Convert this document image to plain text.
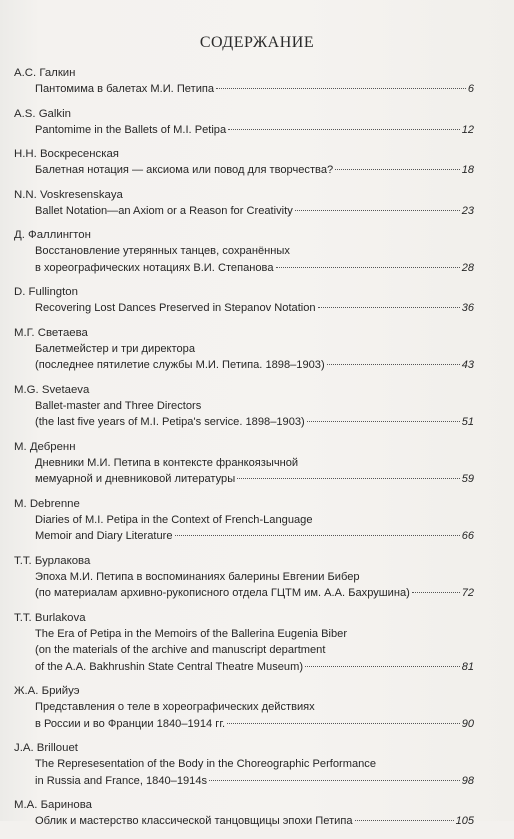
СОДЕРЖАНИЕ
А.С. Галкин
Пантомима в балетах М.И. Петипа	6
A.S. Galkin
Pantomime in the Ballets of M.I. Petipa	12
Н.Н. Воскресенская
Балетная нотация — аксиома или повод для творчества?	18
N.N. Voskresenskaya
Ballet Notation—an Axiom or a Reason for Creativity	23
Д. Фаллингтон
Восстановление утерянных танцев, сохранённых
в хореографических нотациях В.И. Степанова	28
D. Fullington
Recovering Lost Dances Preserved in Stepanov Notation	36
М.Г. Светаева
Балетмейстер и три директора
(последнее пятилетие службы М.И. Петипа. 1898–1903)	43
M.G. Svetaeva
Ballet-master and Three Directors
(the last five years of M.I. Petipa's service. 1898–1903)	51
М. Дебренн
Дневники М.И. Петипа в контексте франкоязычной
мемуарной и дневниковой литературы	59
M. Debrenne
Diaries of M.I. Petipa in the Context of French-Language
Memoir and Diary Literature	66
Т.Т. Бурлакова
Эпоха М.И. Петипа в воспоминаниях балерины Евгении Бибер
(по материалам архивно-рукописного отдела ГЦТМ им. А.А. Бахрушина)	72
T.T. Burlakova
The Era of Petipa in the Memoirs of the Ballerina Eugenia Biber
(on the materials of the archive and manuscript department
of the A.A. Bakhrushin State Central Theatre Museum)	81
Ж.А. Брийуэ
Представления о теле в хореографических действиях
в России и во Франции 1840–1914 гг.	90
J.A. Brillouet
The Represesentation of the Body in the Choreographic Performance
in Russia and France, 1840–1914s	98
М.А. Баринова
Облик и мастерство классической танцовщицы эпохи Петипа	105
